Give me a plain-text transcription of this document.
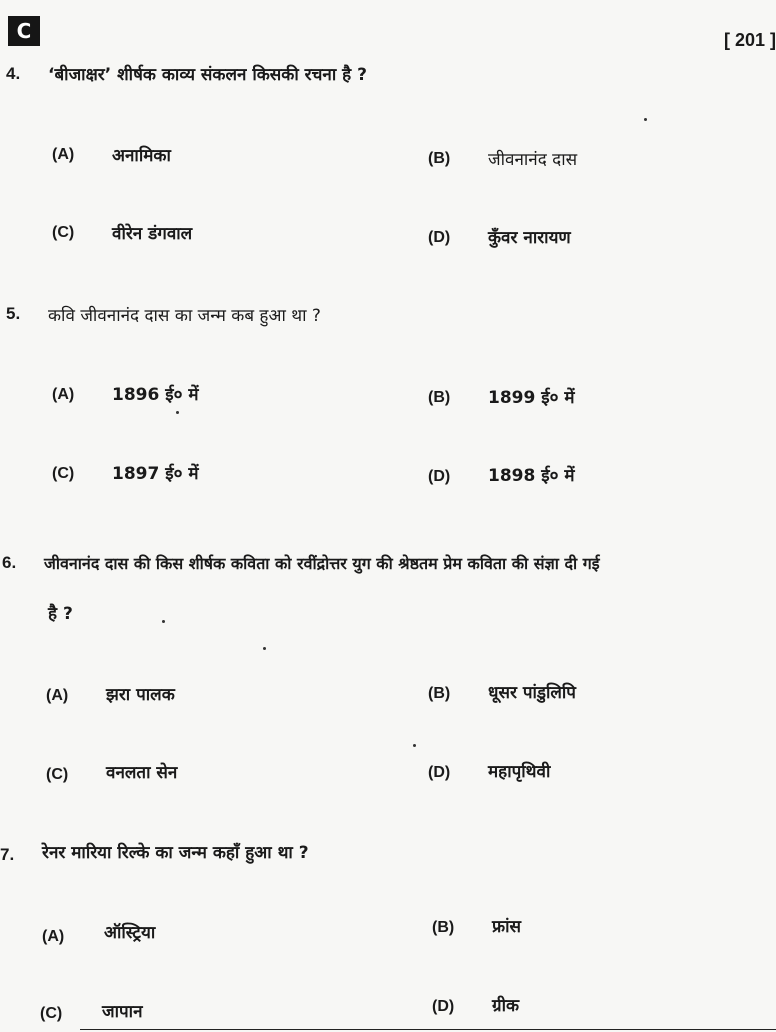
C	[ 201 ]
4. ‘बीजाक्षर’ शीर्षक काव्य संकलन किसकी रचना है ?
(A) अनामिका	(B) जीवनानंद दास
(C) वीरेन डंगवाल	(D) कुँवर नारायण
5. कवि जीवनानंद दास का जन्म कब हुआ था ?
(A) 1896 ई० में	(B) 1899 ई० में
(C) 1897 ई० में	(D) 1898 ई० में
6. जीवनानंद दास की किस शीर्षक कविता को रवींद्रोत्तर युग की श्रेष्ठतम प्रेम कविता की संज्ञा दी गई
है ?
(A) झरा पालक	(B) धूसर पांडुलिपि
(C) वनलता सेन	(D) महापृथिवी
7. रेनर मारिया रिल्के का जन्म कहाँ हुआ था ?
(A) ऑस्ट्रिया	(B) फ्रांस
(C) जापान	(D) ग्रीक
